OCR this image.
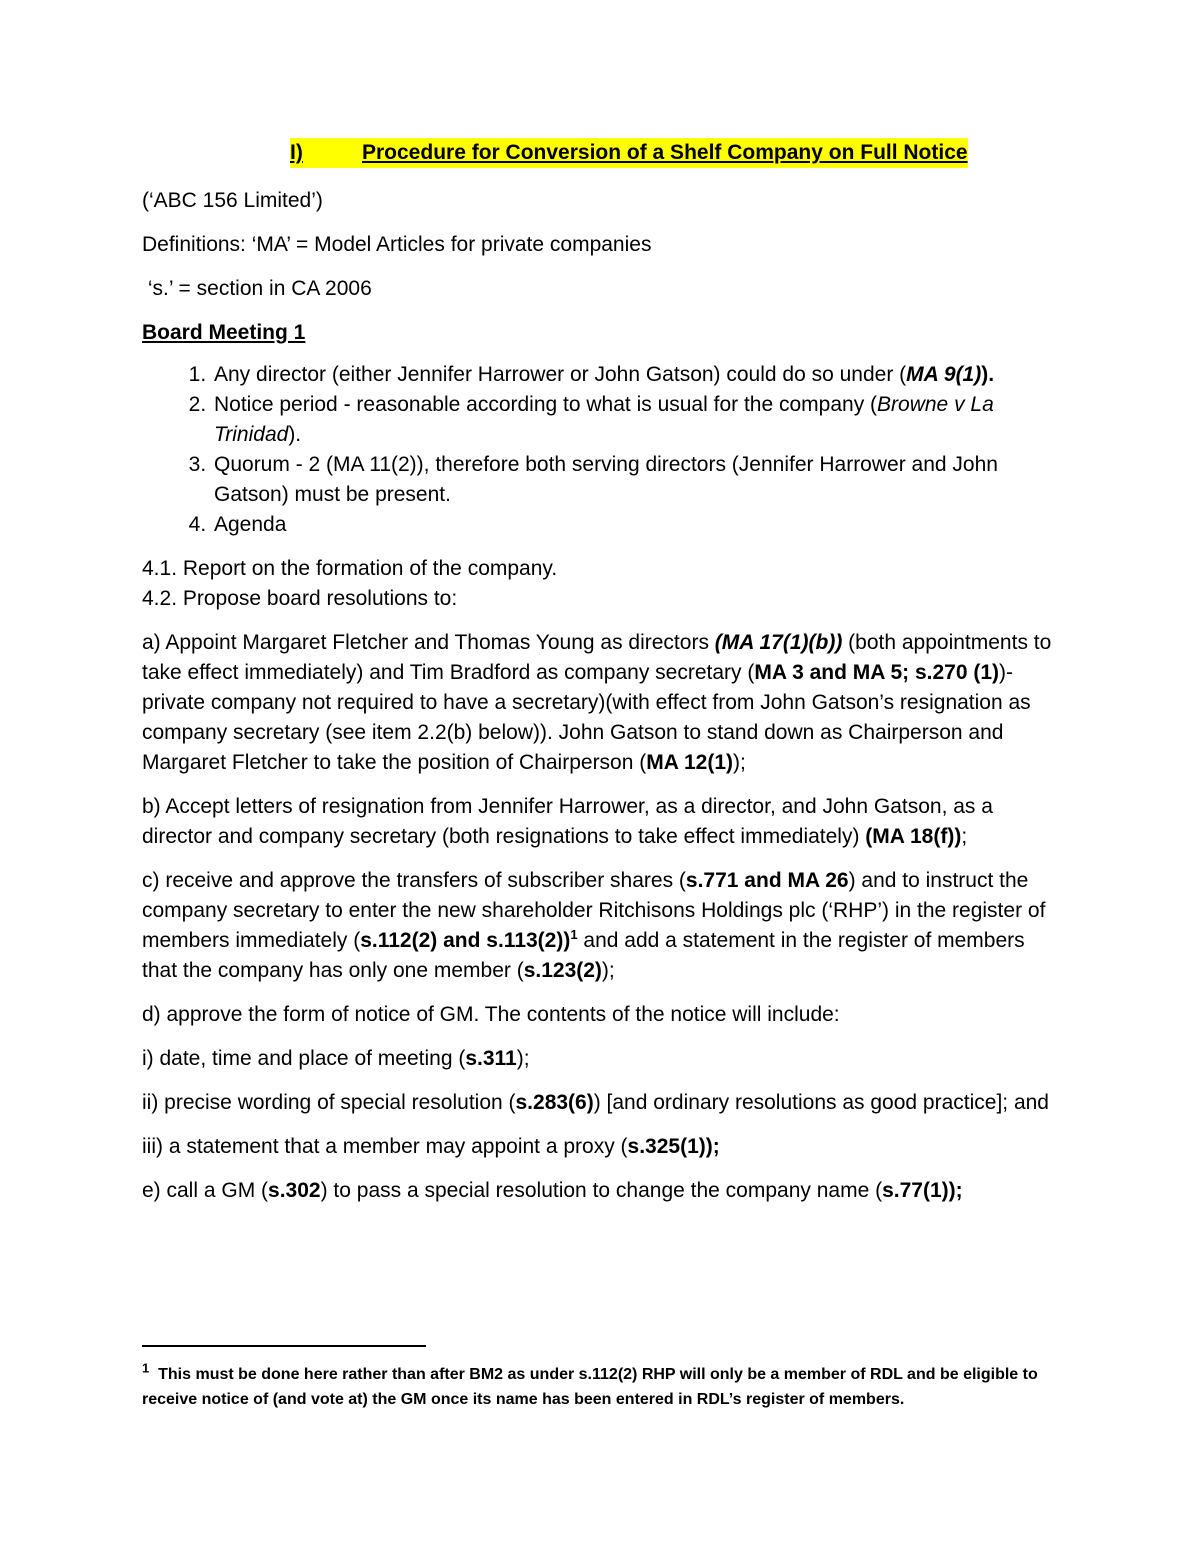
I)	Procedure for Conversion of a Shelf Company on Full Notice

(‘ABC 156 Limited’)

Definitions: ‘MA’ = Model Articles for private companies

‘s.’ = section in CA 2006

Board Meeting 1
1. Any director (either Jennifer Harrower or John Gatson) could do so under (MA 9(1)).
2. Notice period - reasonable according to what is usual for the company (Browne v La Trinidad).
3. Quorum - 2 (MA 11(2)), therefore both serving directors (Jennifer Harrower and John Gatson) must be present.
4. Agenda

4.1. Report on the formation of the company.

4.2. Propose board resolutions to:

a) Appoint Margaret Fletcher and Thomas Young as directors (MA 17(1)(b)) (both appointments to take effect immediately) and Tim Bradford as company secretary (MA 3 and MA 5; s.270 (1))- private company not required to have a secretary)(with effect from John Gatson’s resignation as company secretary (see item 2.2(b) below)). John Gatson to stand down as Chairperson and Margaret Fletcher to take the position of Chairperson (MA 12(1));

b) Accept letters of resignation from Jennifer Harrower, as a director, and John Gatson, as a director and company secretary (both resignations to take effect immediately) (MA 18(f));

c) receive and approve the transfers of subscriber shares (s.771 and MA 26) and to instruct the company secretary to enter the new shareholder Ritchisons Holdings plc (‘RHP’) in the register of members immediately (s.112(2) and s.113(2))$^1$ and add a statement in the register of members that the company has only one member (s.123(2));

d) approve the form of notice of GM. The contents of the notice will include:

i) date, time and place of meeting (s.311);

ii) precise wording of special resolution (s.283(6)) [and ordinary resolutions as good practice]; and

iii) a statement that a member may appoint a proxy (s.325(1));

e) call a GM (s.302) to pass a special resolution to change the company name (s.77(1));

$^1$  This must be done here rather than after BM2 as under s.112(2) RHP will only be a member of RDL and be eligible to receive notice of (and vote at) the GM once its name has been entered in RDL’s register of members.
